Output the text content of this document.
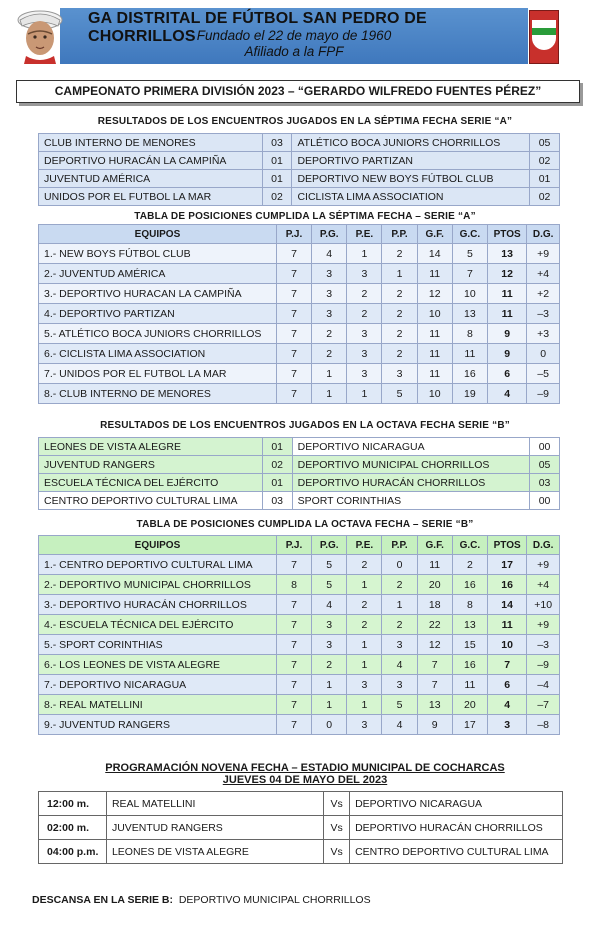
GA DISTRITAL DE FÚTBOL SAN PEDRO DE CHORRILLOS Fundado el 22 de mayo de 1960
Afiliado a la FPF
CAMPEONATO PRIMERA DIVISIÓN 2023 – “GERARDO WILFREDO FUENTES PÉREZ”
RESULTADOS DE LOS ENCUENTROS JUGADOS EN LA SÉPTIMA FECHA SERIE “A”
CLUB INTERNO DE MENORES	03	ATLÉTICO BOCA JUNIORS CHORRILLOS	05
DEPORTIVO HURACÁN LA CAMPIÑA	01	DEPORTIVO PARTIZAN	02
JUVENTUD AMÉRICA	01	DEPORTIVO NEW BOYS FÚTBOL CLUB	01
UNIDOS POR EL FUTBOL LA MAR	02	CICLISTA LIMA ASSOCIATION	02
TABLA DE POSICIONES CUMPLIDA LA SÉPTIMA FECHA – SERIE “A”
EQUIPOS	P.J.	P.G.	P.E.	P.P.	G.F.	G.C.	PTOS	D.G.
1.- NEW BOYS FÚTBOL CLUB	7	4	1	2	14	5	13	+9
2.- JUVENTUD AMÉRICA	7	3	3	1	11	7	12	+4
3.- DEPORTIVO HURACAN LA CAMPIÑA	7	3	2	2	12	10	11	+2
4.- DEPORTIVO PARTIZAN	7	3	2	2	10	13	11	–3
5.- ATLÉTICO BOCA JUNIORS CHORRILLOS	7	2	3	2	11	8	9	+3
6.- CICLISTA LIMA ASSOCIATION	7	2	3	2	11	11	9	0
7.- UNIDOS POR EL FUTBOL LA MAR	7	1	3	3	11	16	6	–5
8.- CLUB INTERNO DE MENORES	7	1	1	5	10	19	4	–9
RESULTADOS DE LOS ENCUENTROS JUGADOS EN LA OCTAVA FECHA SERIE “B”
LEONES DE VISTA ALEGRE	01	DEPORTIVO NICARAGUA	00
JUVENTUD RANGERS	02	DEPORTIVO MUNICIPAL CHORRILLOS	05
ESCUELA TÉCNICA DEL EJÉRCITO	01	DEPORTIVO HURACÁN CHORRILLOS	03
CENTRO DEPORTIVO CULTURAL LIMA	03	SPORT CORINTHIAS	00
TABLA DE POSICIONES CUMPLIDA LA OCTAVA FECHA – SERIE “B”
EQUIPOS	P.J.	P.G.	P.E.	P.P.	G.F.	G.C.	PTOS	D.G.
1.- CENTRO DEPORTIVO CULTURAL LIMA	7	5	2	0	11	2	17	+9
2.- DEPORTIVO MUNICIPAL CHORRILLOS	8	5	1	2	20	16	16	+4
3.- DEPORTIVO HURACÁN CHORRILLOS	7	4	2	1	18	8	14	+10
4.- ESCUELA TÉCNICA DEL EJÉRCITO	7	3	2	2	22	13	11	+9
5.- SPORT CORINTHIAS	7	3	1	3	12	15	10	–3
6.- LOS LEONES DE VISTA ALEGRE	7	2	1	4	7	16	7	–9
7.- DEPORTIVO NICARAGUA	7	1	3	3	7	11	6	–4
8.- REAL MATELLINI	7	1	1	5	13	20	4	–7
9.- JUVENTUD RANGERS	7	0	3	4	9	17	3	–8
PROGRAMACIÓN NOVENA FECHA – ESTADIO MUNICIPAL DE COCHARCAS
JUEVES 04 DE MAYO DEL 2023
12:00 m.	REAL MATELLINI	Vs	DEPORTIVO NICARAGUA
02:00 m.	JUVENTUD RANGERS	Vs	DEPORTIVO HURACÁN CHORRILLOS
04:00 p.m.	LEONES DE VISTA ALEGRE	Vs	CENTRO DEPORTIVO CULTURAL LIMA
DESCANSA EN LA SERIE B: DEPORTIVO MUNICIPAL CHORRILLOS
